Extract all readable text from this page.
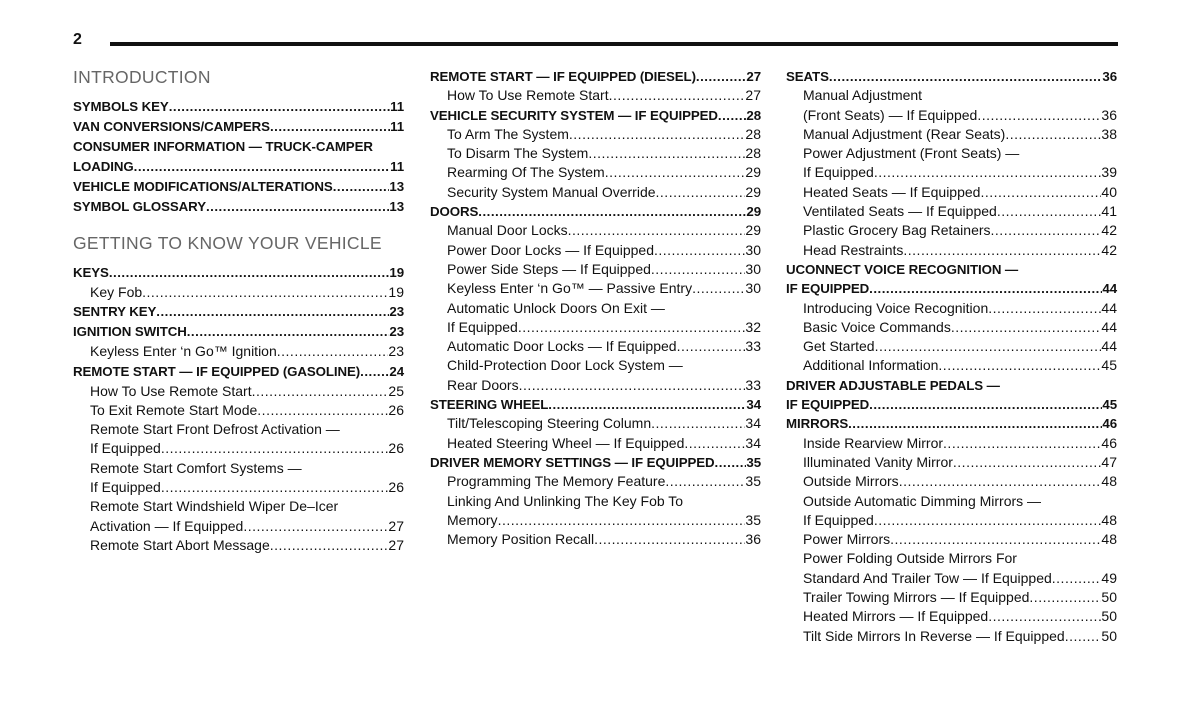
2
INTRODUCTION
SYMBOLS KEY .....	11
VAN CONVERSIONS/CAMPERS .....	11
CONSUMER INFORMATION — TRUCK-CAMPER
LOADING .....	11
VEHICLE MODIFICATIONS/ALTERATIONS .....	13
SYMBOL GLOSSARY .....	13
GETTING TO KNOW YOUR VEHICLE
KEYS .....	19
Key Fob .....	19
SENTRY KEY .....	23
IGNITION SWITCH .....	23
Keyless Enter ‘n Go™ Ignition .....	23
REMOTE START — IF EQUIPPED (GASOLINE) ..... 24
How To Use Remote Start .....	25
To Exit Remote Start Mode .....	26
Remote Start Front Defrost Activation —
If Equipped .....	26
Remote Start Comfort Systems —
If Equipped .....	26
Remote Start Windshield Wiper De–Icer
Activation — If Equipped .....	27
Remote Start Abort Message .....	27
REMOTE START — IF EQUIPPED (DIESEL) .....	27
How To Use Remote Start .....	27
VEHICLE SECURITY SYSTEM — IF EQUIPPED ..... 28
To Arm The System .....	28
To Disarm The System .....	28
Rearming Of The System .....	29
Security System Manual Override .....	29
DOORS .....	29
Manual Door Locks .....	29
Power Door Locks — If Equipped .....	30
Power Side Steps — If Equipped .....	30
Keyless Enter ‘n Go™ — Passive Entry .....	30
Automatic Unlock Doors On Exit —
If Equipped .....	32
Automatic Door Locks — If Equipped .....	33
Child-Protection Door Lock System —
Rear Doors .....	33
STEERING WHEEL .....	34
Tilt/Telescoping Steering Column .....	34
Heated Steering Wheel — If Equipped .....	34
DRIVER MEMORY SETTINGS — IF EQUIPPED ..... 35
Programming The Memory Feature .....	35
Linking And Unlinking The Key Fob To
Memory .....	35
Memory Position Recall .....	36
SEATS .....	36
Manual Adjustment
(Front Seats) — If Equipped .....	36
Manual Adjustment (Rear Seats) .....	38
Power Adjustment (Front Seats) —
If Equipped .....	39
Heated Seats — If Equipped .....	40
Ventilated Seats — If Equipped .....	41
Plastic Grocery Bag Retainers .....	42
Head Restraints .....	42
UCONNECT VOICE RECOGNITION —
IF EQUIPPED .....	44
Introducing Voice Recognition .....	44
Basic Voice Commands .....	44
Get Started .....	44
Additional Information .....	45
DRIVER ADJUSTABLE PEDALS —
IF EQUIPPED .....	45
MIRRORS .....	46
Inside Rearview Mirror .....	46
Illuminated Vanity Mirror .....	47
Outside Mirrors .....	48
Outside Automatic Dimming Mirrors —
If Equipped .....	48
Power Mirrors .....	48
Power Folding Outside Mirrors For
Standard And Trailer Tow — If Equipped .....	49
Trailer Towing Mirrors — If Equipped .....	50
Heated Mirrors — If Equipped .....	50
Tilt Side Mirrors In Reverse — If Equipped .....	50
